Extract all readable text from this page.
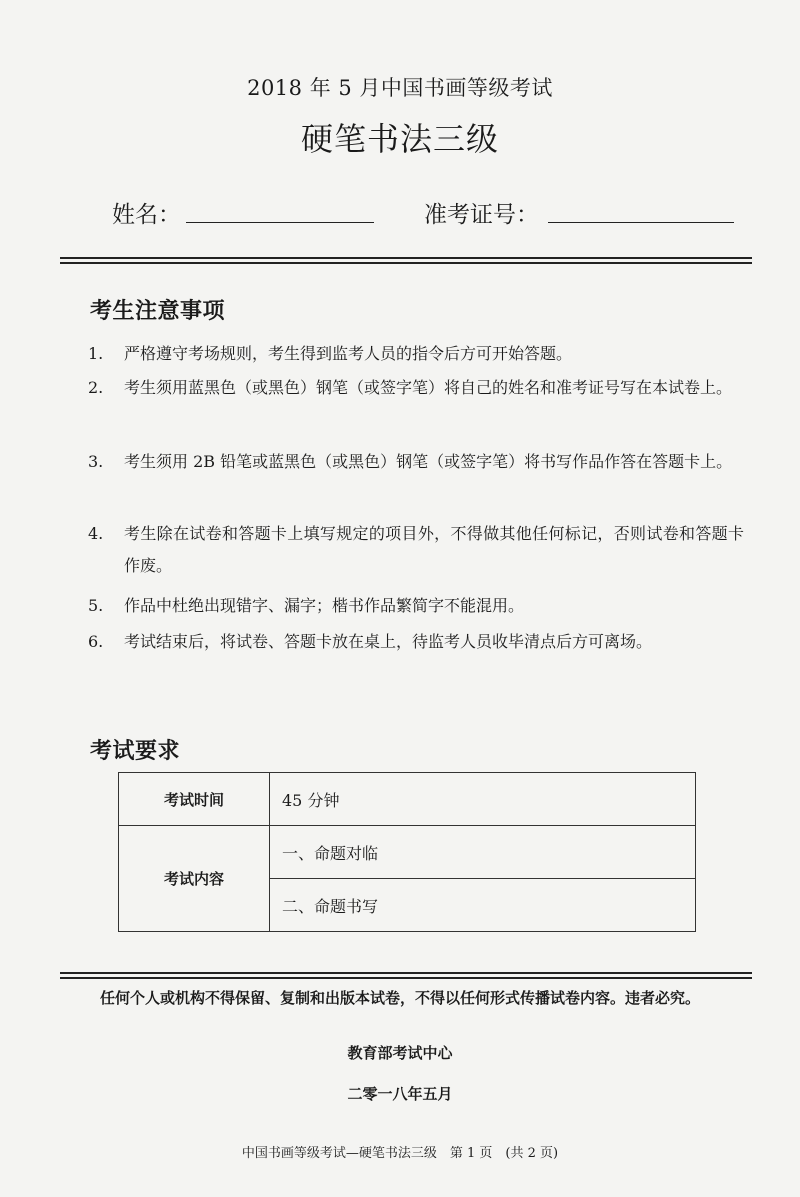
2018 年 5 月中国书画等级考试
硬笔书法三级
姓名：	准考证号：
考生注意事项
1.	严格遵守考场规则，考生得到监考人员的指令后方可开始答题。
2.	考生须用蓝黑色（或黑色）钢笔（或签字笔）将自己的姓名和准考证号写在本试卷上。
3.	考生须用 2B 铅笔或蓝黑色（或黑色）钢笔（或签字笔）将书写作品作答在答题卡上。
4.	考生除在试卷和答题卡上填写规定的项目外，不得做其他任何标记，否则试卷和答题卡作废。
5.	作品中杜绝出现错字、漏字；楷书作品繁简字不能混用。
6.	考试结束后，将试卷、答题卡放在桌上，待监考人员收毕清点后方可离场。
考试要求
考试时间	45 分钟
考试内容	一、命题对临
	二、命题书写
任何个人或机构不得保留、复制和出版本试卷，不得以任何形式传播试卷内容。违者必究。
教育部考试中心
二零一八年五月
中国书画等级考试—硬笔书法三级　第 1 页　(共 2 页)
